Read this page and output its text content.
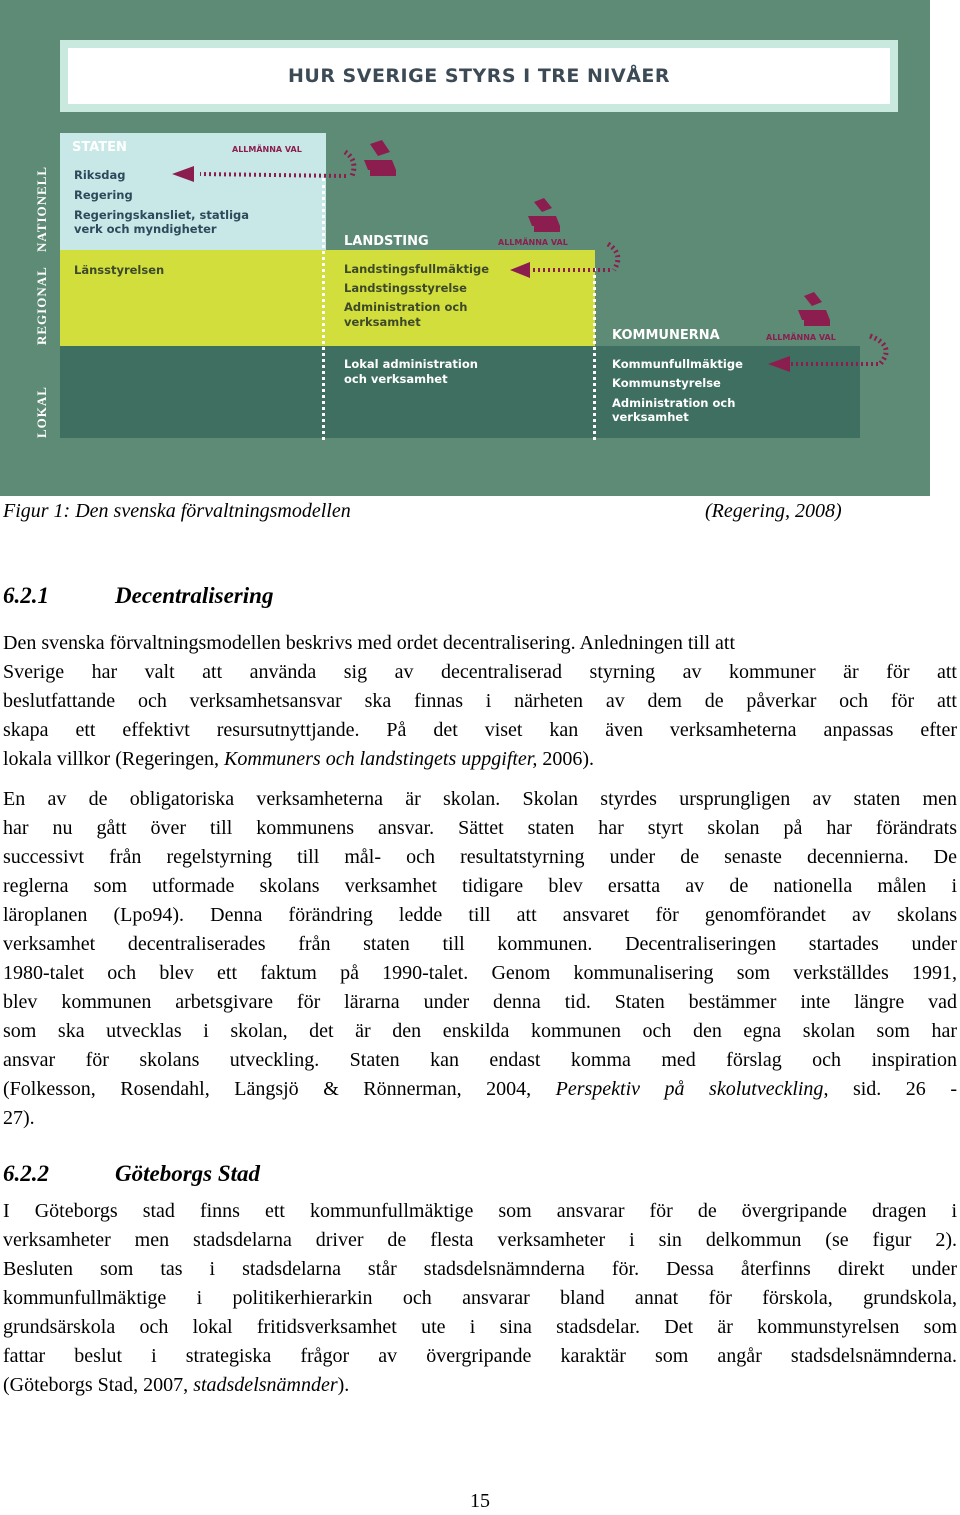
HUR SVERIGE STYRS I TRE NIVÅER
NATIONELL
REGIONAL
LOKAL
STATEN
Riksdag
Regering
Regeringskansliet, statliga
verk och myndigheter
Länsstyrelsen
LANDSTING
Landstingsfullmäktige
Landstingsstyrelse
Administration och
verksamhet
Lokal administration
och verksamhet
KOMMUNERNA
Kommunfullmäktige
Kommunstyrelse
Administration och
verksamhet
ALLMÄNNA VAL
ALLMÄNNA VAL
ALLMÄNNA VAL
Figur 1: Den svenska förvaltningsmodellen	(Regering, 2008)
6.2.1	Decentralisering
Den svenska förvaltningsmodellen beskrivs med ordet decentralisering. Anledningen till att
Sverige har valt att använda sig av decentraliserad styrning av kommuner är för att
beslutfattande och verksamhetsansvar ska finnas i närheten av dem de påverkar och för att
skapa ett effektivt resursutnyttjande. På det viset kan även verksamheterna anpassas efter
lokala villkor (Regeringen, Kommuners och landstingets uppgifter, 2006).
En av de obligatoriska verksamheterna är skolan. Skolan styrdes ursprungligen av staten men
har nu gått över till kommunens ansvar. Sättet staten har styrt skolan på har förändrats
successivt från regelstyrning till mål- och resultatstyrning under de senaste decennierna. De
reglerna som utformade skolans verksamhet tidigare blev ersatta av de nationella målen i
läroplanen (Lpo94). Denna förändring ledde till att ansvaret för genomförandet av skolans
verksamhet decentraliserades från staten till kommunen. Decentraliseringen startades under
1980-talet och blev ett faktum på 1990-talet. Genom kommunalisering som verkställdes 1991,
blev kommunen arbetsgivare för lärarna under denna tid. Staten bestämmer inte längre vad
som ska utvecklas i skolan, det är den enskilda kommunen och den egna skolan som har
ansvar för skolans utveckling. Staten kan endast komma med förslag och inspiration
(Folkesson, Rosendahl, Längsjö & Rönnerman, 2004, Perspektiv på skolutveckling, sid. 26 -
27).
6.2.2	Göteborgs Stad
I Göteborgs stad finns ett kommunfullmäktige som ansvarar för de övergripande dragen i
verksamheter men stadsdelarna driver de flesta verksamheter i sin delkommun (se figur 2).
Besluten som tas i stadsdelarna står stadsdelsnämnderna för. Dessa återfinns direkt under
kommunfullmäktige i politikerhierarkin och ansvarar bland annat för förskola, grundskola,
grundsärskola och lokal fritidsverksamhet ute i sina stadsdelar. Det är kommunstyrelsen som
fattar beslut i strategiska frågor av övergripande karaktär som angår stadsdelsnämnderna.
(Göteborgs Stad, 2007, stadsdelsnämnder).
15
